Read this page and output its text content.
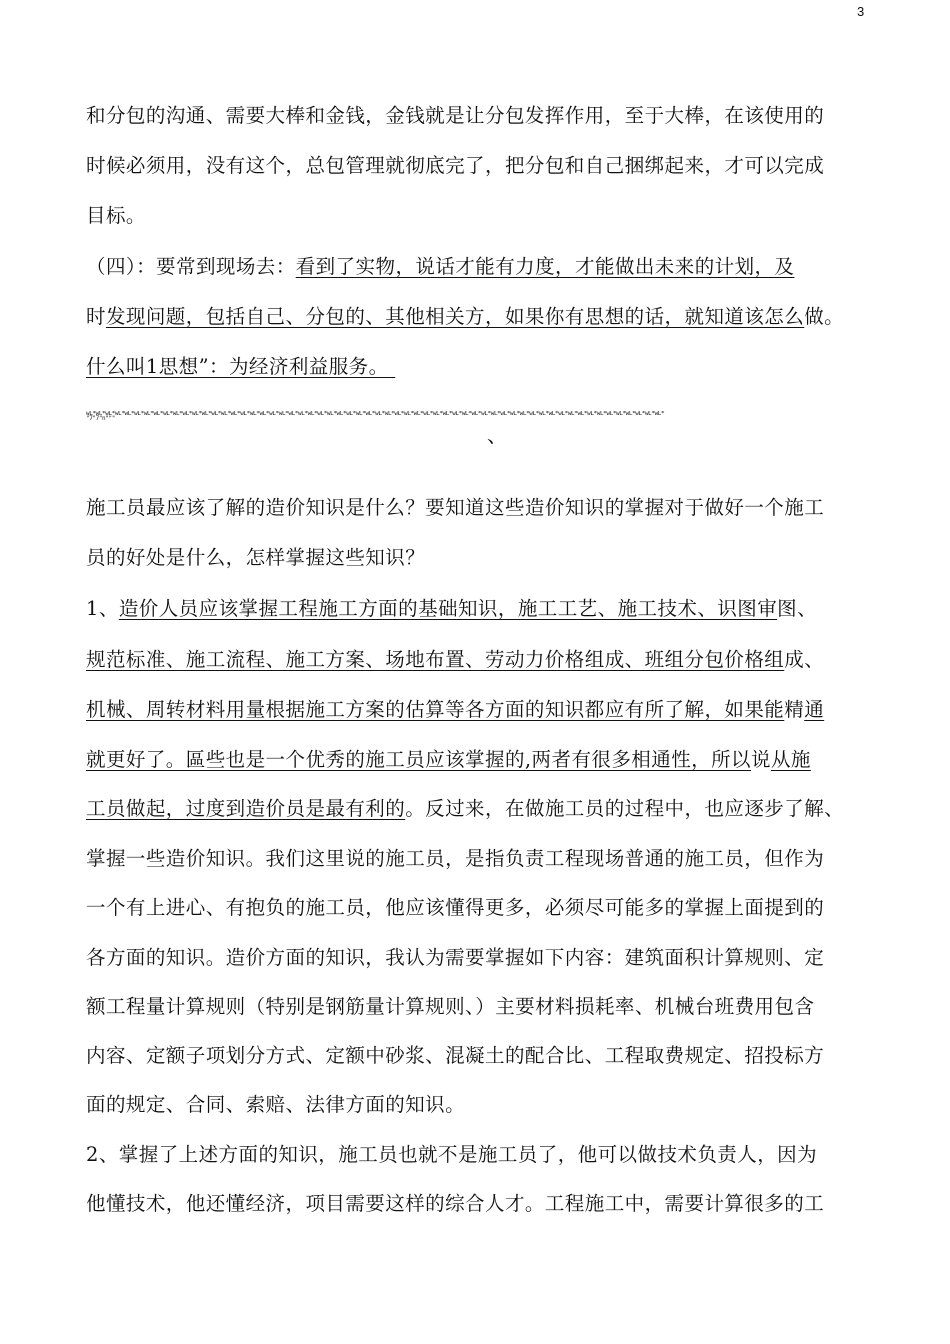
3
和分包的沟通、需要大棒和金钱，金钱就是让分包发挥作用，至于大棒，在该使用的
时候必须用，没有这个，总包管理就彻底完了，把分包和自己捆绑起来，才可以完成
目标。
（四）：要常到现场去：看到了实物，说话才能有力度，才能做出未来的计划，及
时发现问题，包括自己、分包的、其他相关方，如果你有思想的话，就知道该怎么做。
什么叫1思想”：为经济利益服务。
wL*wL*wL*wL*wL*wL*wL*wL*wL*wL*wL*wL*wL*wL*wL*wL*wL*wL*wL*wL*wL*wL*wL*wL*wL*wL*wL*wL*wL*wL*wL*wL*wL*wL*wL*wL*wL*wL*wL*wL*wL*wL*wL*wL*wL*wL*wL*wL*wL*wL*wL*wL*wL*wL*wL*wL*wL*wL*wL*wL*
"7"7"n"""
、
施工员最应该了解的造价知识是什么？要知道这些造价知识的掌握对于做好一个施工
员的好处是什么，怎样掌握这些知识？
1、造价人员应该掌握工程施工方面的基础知识，施工工艺、施工技术、识图审图、
规范标准、施工流程、施工方案、场地布置、劳动力价格组成、班组分包价格组成、
机械、周转材料用量根据施工方案的估算等各方面的知识都应有所了解，如果能精通
就更好了。區些也是一个优秀的施工员应该掌握的,两者有很多相通性，所以说从施
工员做起，过度到造价员是最有利的。反过来，在做施工员的过程中，也应逐步了解、
掌握一些造价知识。我们这里说的施工员，是指负责工程现场普通的施工员，但作为
一个有上进心、有抱负的施工员，他应该懂得更多，必须尽可能多的掌握上面提到的
各方面的知识。造价方面的知识，我认为需要掌握如下内容：建筑面积计算规则、定
额工程量计算规则（特别是钢筋量计算规则、）主要材料损耗率、机械台班费用包含
内容、定额子项划分方式、定额中砂浆、混凝土的配合比、工程取费规定、招投标方
面的规定、合同、索赔、法律方面的知识。
2、掌握了上述方面的知识，施工员也就不是施工员了，他可以做技术负责人，因为
他懂技术，他还懂经济，项目需要这样的综合人才。工程施工中，需要计算很多的工
